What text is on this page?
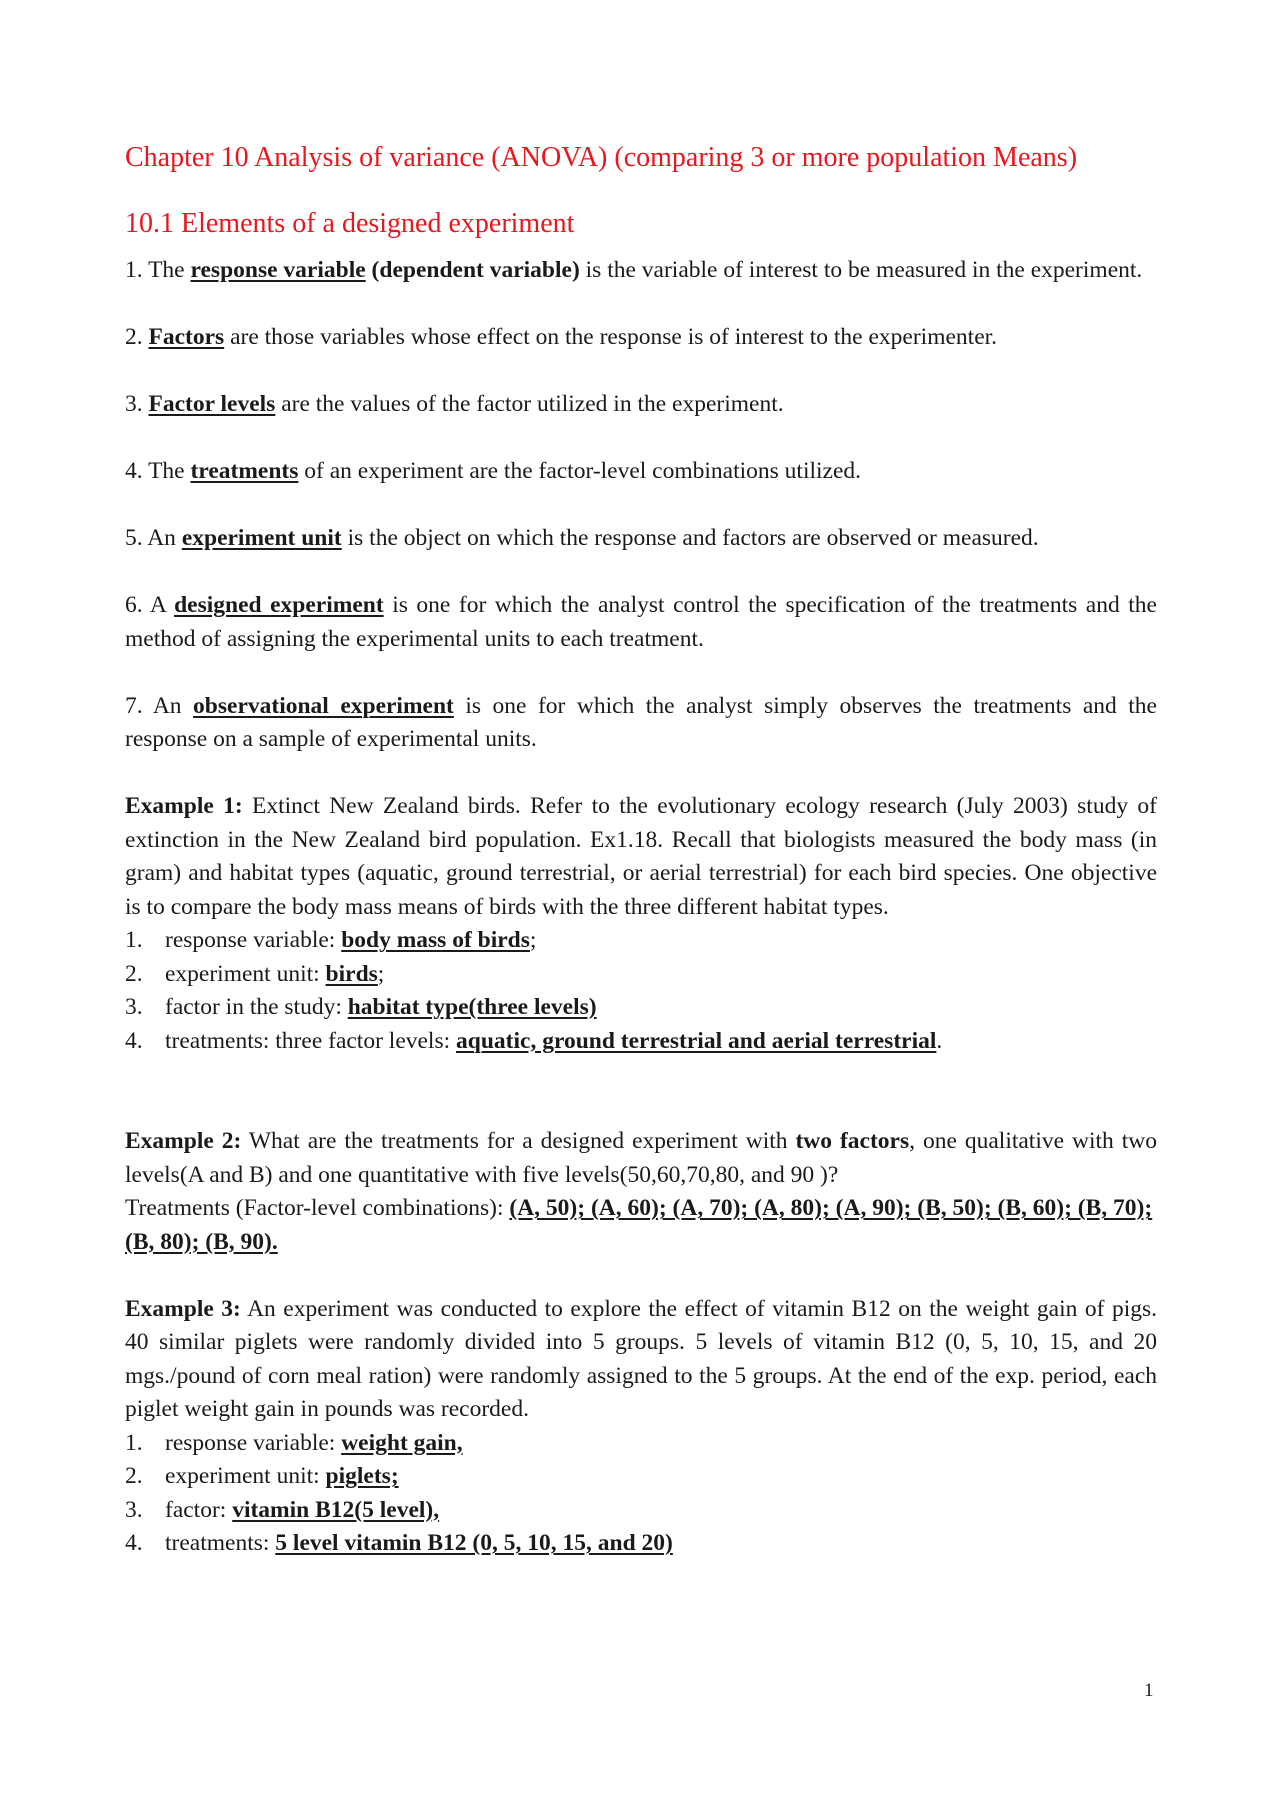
Chapter 10 Analysis of variance (ANOVA) (comparing 3 or more population Means)
10.1 Elements of a designed experiment

1. The response variable (dependent variable) is the variable of interest to be measured in the experiment.

2. Factors are those variables whose effect on the response is of interest to the experimenter.

3. Factor levels are the values of the factor utilized in the experiment.

4. The treatments of an experiment are the factor-level combinations utilized.

5. An experiment unit is the object on which the response and factors are observed or measured.

6. A designed experiment is one for which the analyst control the specification of the treatments and the method of assigning the experimental units to each treatment.

7. An observational experiment is one for which the analyst simply observes the treatments and the response on a sample of experimental units.

Example 1: Extinct New Zealand birds. Refer to the evolutionary ecology research (July 2003) study of extinction in the New Zealand bird population. Ex1.18. Recall that biologists measured the body mass (in gram) and habitat types (aquatic, ground terrestrial, or aerial terrestrial) for each bird species. One objective is to compare the body mass means of birds with the three different habitat types.

1. response variable: body mass of birds;
2. experiment unit: birds;
3. factor in the study: habitat type(three levels)
4. treatments: three factor levels: aquatic, ground terrestrial and aerial terrestrial.

Example 2: What are the treatments for a designed experiment with two factors, one qualitative with two levels(A and B) and one quantitative with five levels(50,60,70,80, and 90 )?

Treatments (Factor-level combinations): (A, 50); (A, 60); (A, 70); (A, 80); (A, 90); (B, 50); (B, 60); (B, 70); (B, 80); (B, 90).

Example 3: An experiment was conducted to explore the effect of vitamin B12 on the weight gain of pigs. 40 similar piglets were randomly divided into 5 groups. 5 levels of vitamin B12 (0, 5, 10, 15, and 20 mgs./pound of corn meal ration) were randomly assigned to the 5 groups. At the end of the exp. period, each piglet weight gain in pounds was recorded.

1. response variable: weight gain,
2. experiment unit: piglets;
3. factor: vitamin B12(5 level),
4. treatments: 5 level vitamin B12 (0, 5, 10, 15, and 20)
1
